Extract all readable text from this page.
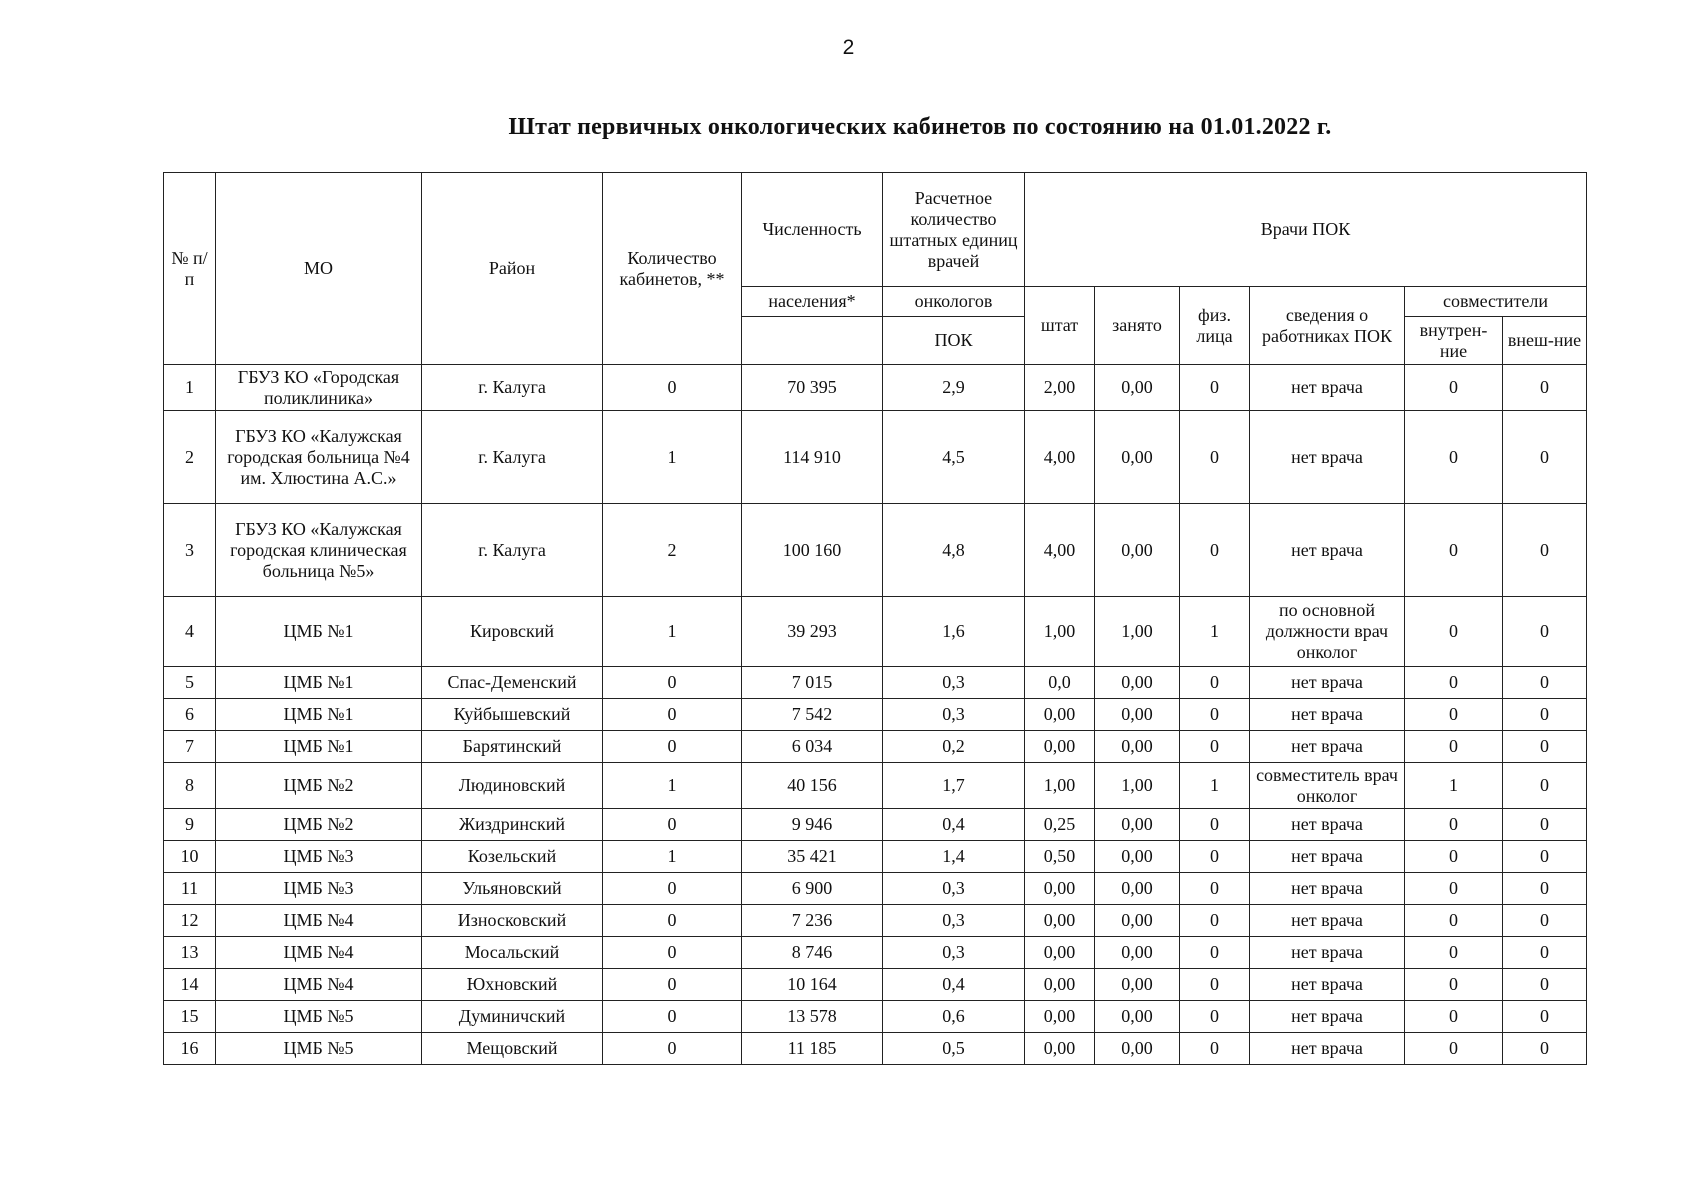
2
Штат первичных онкологических кабинетов по состоянию на 01.01.2022 г.
№ п/п	МО	Район	Количество кабинетов, **	Численность	Расчетное количество штатных единиц врачей	Врачи ПОК					
				населения*	онкологов	штат	занято	физ. лица	сведения о работниках ПОК	совместители	
					ПОК					внутрен-ние	внеш-ние
1	ГБУЗ КО «Городская поликлиника»	г. Калуга	0	70 395	2,9	2,00	0,00	0	нет врача	0	0
2	ГБУЗ КО «Калужская городская больница №4 им. Хлюстина А.С.»	г. Калуга	1	114 910	4,5	4,00	0,00	0	нет врача	0	0
3	ГБУЗ КО «Калужская городская клиническая больница №5»	г. Калуга	2	100 160	4,8	4,00	0,00	0	нет врача	0	0
4	ЦМБ №1	Кировский	1	39 293	1,6	1,00	1,00	1	по основной должности врач онколог	0	0
5	ЦМБ №1	Спас-Деменский	0	7 015	0,3	0,0	0,00	0	нет врача	0	0
6	ЦМБ №1	Куйбышевский	0	7 542	0,3	0,00	0,00	0	нет врача	0	0
7	ЦМБ №1	Барятинский	0	6 034	0,2	0,00	0,00	0	нет врача	0	0
8	ЦМБ №2	Людиновский	1	40 156	1,7	1,00	1,00	1	совместитель врач онколог	1	0
9	ЦМБ №2	Жиздринский	0	9 946	0,4	0,25	0,00	0	нет врача	0	0
10	ЦМБ №3	Козельский	1	35 421	1,4	0,50	0,00	0	нет врача	0	0
11	ЦМБ №3	Ульяновский	0	6 900	0,3	0,00	0,00	0	нет врача	0	0
12	ЦМБ №4	Износковский	0	7 236	0,3	0,00	0,00	0	нет врача	0	0
13	ЦМБ №4	Мосальский	0	8 746	0,3	0,00	0,00	0	нет врача	0	0
14	ЦМБ №4	Юхновский	0	10 164	0,4	0,00	0,00	0	нет врача	0	0
15	ЦМБ №5	Думиничский	0	13 578	0,6	0,00	0,00	0	нет врача	0	0
16	ЦМБ №5	Мещовский	0	11 185	0,5	0,00	0,00	0	нет врача	0	0
